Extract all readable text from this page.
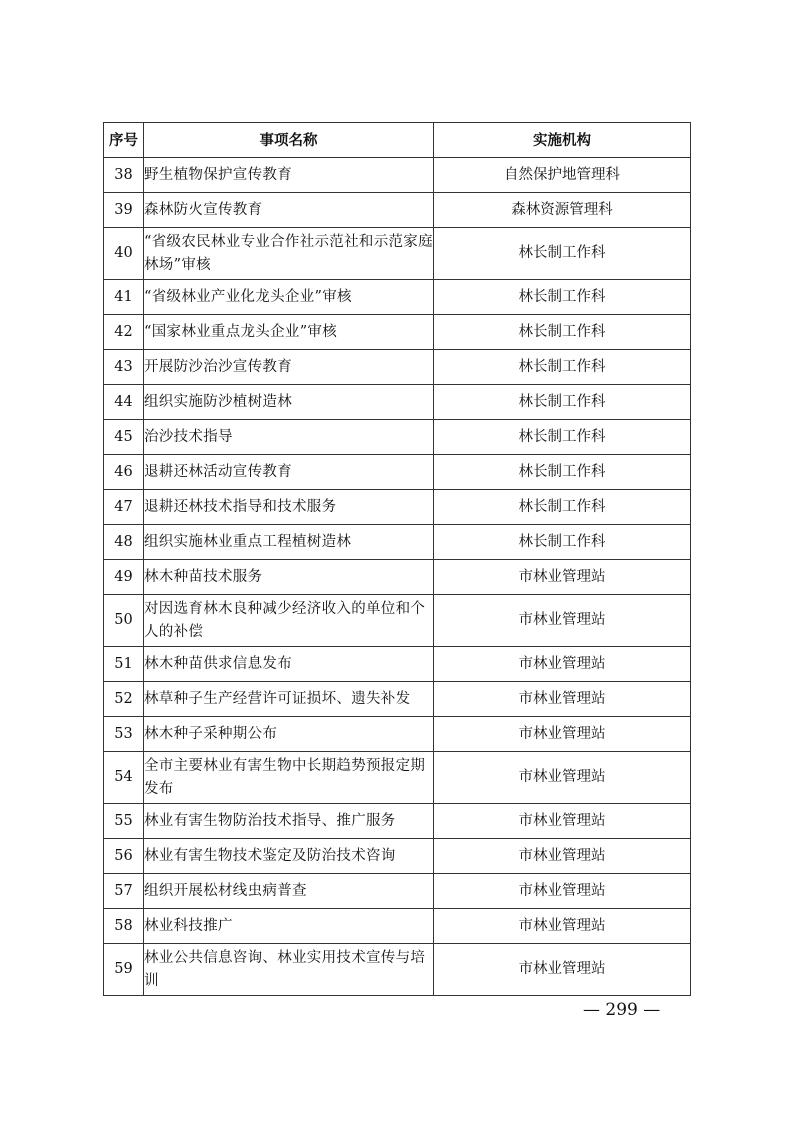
序号	事项名称	实施机构
38	野生植物保护宣传教育	自然保护地管理科
39	森林防火宣传教育	森林资源管理科
40	“省级农民林业专业合作社示范社和示范家庭林场”审核	林长制工作科
41	“省级林业产业化龙头企业”审核	林长制工作科
42	“国家林业重点龙头企业”审核	林长制工作科
43	开展防沙治沙宣传教育	林长制工作科
44	组织实施防沙植树造林	林长制工作科
45	治沙技术指导	林长制工作科
46	退耕还林活动宣传教育	林长制工作科
47	退耕还林技术指导和技术服务	林长制工作科
48	组织实施林业重点工程植树造林	林长制工作科
49	林木种苗技术服务	市林业管理站
50	对因选育林木良种减少经济收入的单位和个人的补偿	市林业管理站
51	林木种苗供求信息发布	市林业管理站
52	林草种子生产经营许可证损坏、遗失补发	市林业管理站
53	林木种子采种期公布	市林业管理站
54	全市主要林业有害生物中长期趋势预报定期发布	市林业管理站
55	林业有害生物防治技术指导、推广服务	市林业管理站
56	林业有害生物技术鉴定及防治技术咨询	市林业管理站
57	组织开展松材线虫病普查	市林业管理站
58	林业科技推广	市林业管理站
59	林业公共信息咨询、林业实用技术宣传与培训	市林业管理站
— 299 —
